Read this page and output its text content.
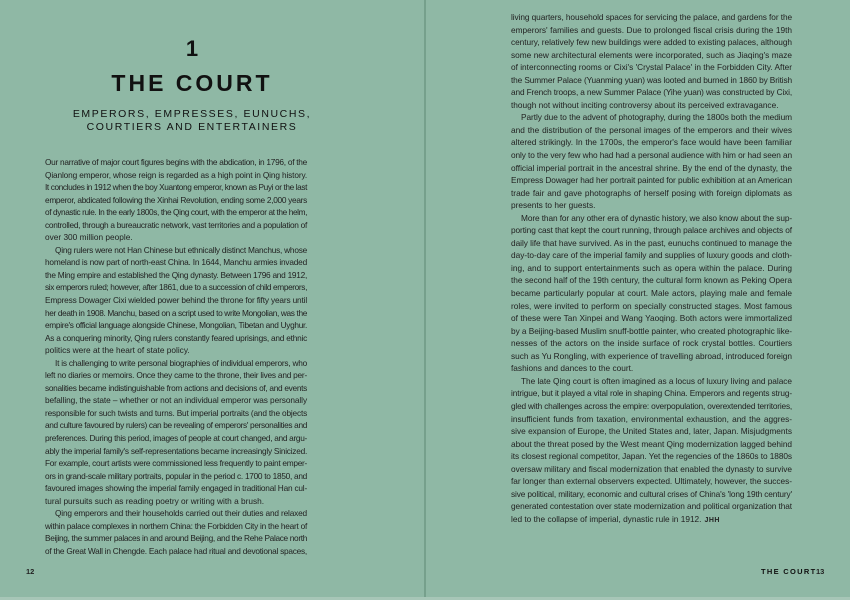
1
THE COURT
EMPERORS, EMPRESSES, EUNUCHS,
COURTIERS AND ENTERTAINERS
Our narrative of major court figures begins with the abdication, in 1796, of the
Qianlong emperor, whose reign is regarded as a high point in Qing history.
It concludes in 1912 when the boy Xuantong emperor, known as Puyi or the last
emperor, abdicated following the Xinhai Revolution, ending some 2,000 years
of dynastic rule. In the early 1800s, the Qing court, with the emperor at the helm,
controlled, through a bureaucratic network, vast territories and a population of
over 300 million people.
Qing rulers were not Han Chinese but ethnically distinct Manchus, whose
homeland is now part of north-east China. In 1644, Manchu armies invaded
the Ming empire and established the Qing dynasty. Between 1796 and 1912,
six emperors ruled; however, after 1861, due to a succession of child emperors,
Empress Dowager Cixi wielded power behind the throne for fifty years until
her death in 1908. Manchu, based on a script used to write Mongolian, was the
empire's official language alongside Chinese, Mongolian, Tibetan and Uyghur.
As a conquering minority, Qing rulers constantly feared uprisings, and ethnic
politics were at the heart of state policy.
It is challenging to write personal biographies of individual emperors, who
left no diaries or memoirs. Once they came to the throne, their lives and per-
sonalities became indistinguishable from actions and decisions of, and events
befalling, the state – whether or not an individual emperor was personally
responsible for such twists and turns. But imperial portraits (and the objects
and culture favoured by rulers) can be revealing of emperors' personalities and
preferences. During this period, images of people at court changed, and argu-
ably the imperial family's self-representations became increasingly Sinicized.
For example, court artists were commissioned less frequently to paint emper-
ors in grand-scale military portraits, popular in the period c. 1700 to 1850, and
favoured images showing the imperial family engaged in traditional Han cul-
tural pursuits such as reading poetry or writing with a brush.
Qing emperors and their households carried out their duties and relaxed
within palace complexes in northern China: the Forbidden City in the heart of
Beijing, the summer palaces in and around Beijing, and the Rehe Palace north
of the Great Wall in Chengde. Each palace had ritual and devotional spaces,
12
living quarters, household spaces for servicing the palace, and gardens for the
emperors' families and guests. Due to prolonged fiscal crisis during the 19th
century, relatively few new buildings were added to existing palaces, although
some new architectural elements were incorporated, such as Jiaqing's maze
of interconnecting rooms or Cixi's 'Crystal Palace' in the Forbidden City. After
the Summer Palace (Yuanming yuan) was looted and burned in 1860 by British
and French troops, a new Summer Palace (Yihe yuan) was constructed by Cixi,
though not without inciting controversy about its perceived extravagance.
Partly due to the advent of photography, during the 1800s both the medium
and the distribution of the personal images of the emperors and their wives
altered strikingly. In the 1700s, the emperor's face would have been familiar
only to the very few who had had a personal audience with him or had seen an
official imperial portrait in the ancestral shrine. By the end of the dynasty, the
Empress Dowager had her portrait painted for public exhibition at an American
trade fair and gave photographs of herself posing with foreign diplomats as
presents to her guests.
More than for any other era of dynastic history, we also know about the sup-
porting cast that kept the court running, through palace archives and objects of
daily life that have survived. As in the past, eunuchs continued to manage the
day-to-day care of the imperial family and supplies of luxury goods and cloth-
ing, and to support entertainments such as opera within the palace. During
the second half of the 19th century, the cultural form known as Peking Opera
became particularly popular at court. Male actors, playing male and female
roles, were invited to perform on specially constructed stages. Most famous
of these were Tan Xinpei and Wang Yaoqing. Both actors were immortalized
by a Beijing-based Muslim snuff-bottle painter, who created photographic like-
nesses of the actors on the inside surface of rock crystal bottles. Courtiers
such as Yu Rongling, with experience of travelling abroad, introduced foreign
fashions and dances to the court.
The late Qing court is often imagined as a locus of luxury living and palace
intrigue, but it played a vital role in shaping China. Emperors and regents strug-
gled with challenges across the empire: overpopulation, overextended territories,
insufficient funds from taxation, environmental exhaustion, and the aggres-
sive expansion of Europe, the United States and, later, Japan. Misjudgments
about the threat posed by the West meant Qing modernization lagged behind
its closest regional competitor, Japan. Yet the regencies of the 1860s to 1880s
oversaw military and fiscal modernization that enabled the dynasty to survive
far longer than external observers expected. Ultimately, however, the succes-
sive political, military, economic and cultural crises of China's 'long 19th century'
generated contestation over state modernization and political organization that
led to the collapse of imperial, dynastic rule in 1912. JHH
THE COURT 13
